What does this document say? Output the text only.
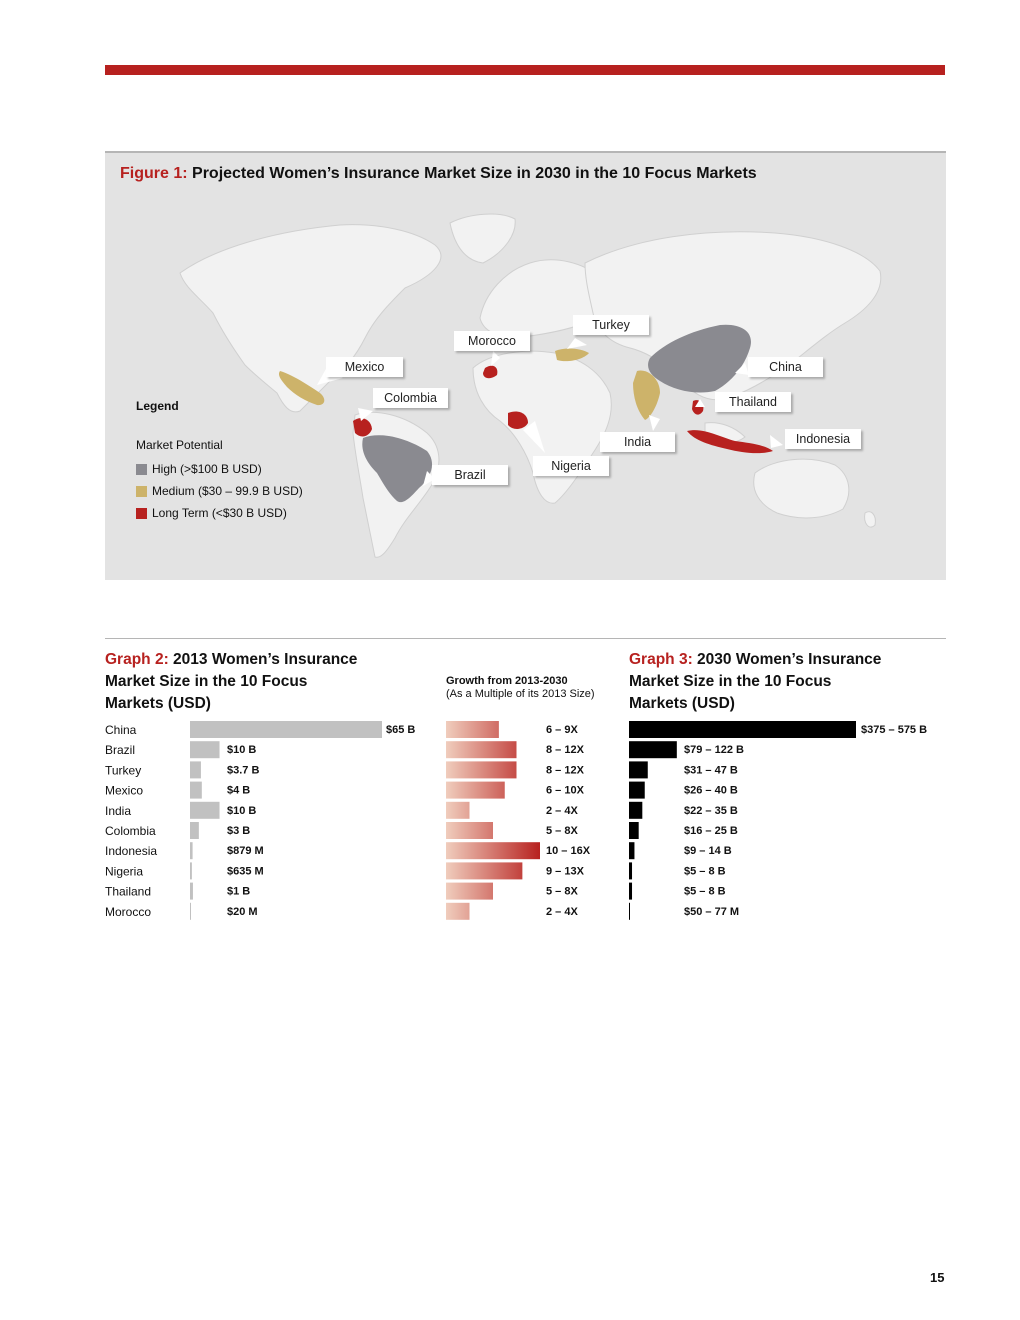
Figure 1: Projected Women’s Insurance Market Size in 2030 in the 10 Focus Markets
Mexico
Colombia
Brazil
Morocco
Nigeria
Turkey
India
China
Thailand
Indonesia
Legend
Market Potential
High (>$100 B USD)
Medium ($30 – 99.9 B USD)
Long Term (<$30 B USD)
Graph 2: 2013 Women’s Insurance
Market Size in the 10 Focus
Markets (USD)
Growth from 2013-2030
(As a Multiple of its 2013 Size)
Graph 3: 2030 Women’s Insurance
Market Size in the 10 Focus
Markets (USD)
China
Brazil
Turkey
Mexico
India
Colombia
Indonesia
Nigeria
Thailand
Morocco
$65 B
$10 B
$3.7 B
$4 B
$10 B
$3 B
$879 M
$635 M
$1 B
$20 M
6 – 9X
8 – 12X
8 – 12X
6 – 10X
2 – 4X
5 – 8X
10 – 16X
9 – 13X
5 – 8X
2 – 4X
$375 – 575 B
$79 – 122 B
$31 – 47 B
$26 – 40 B
$22 – 35 B
$16 – 25 B
$9 – 14 B
$5 – 8 B
$5 – 8 B
$50 – 77 M
15
